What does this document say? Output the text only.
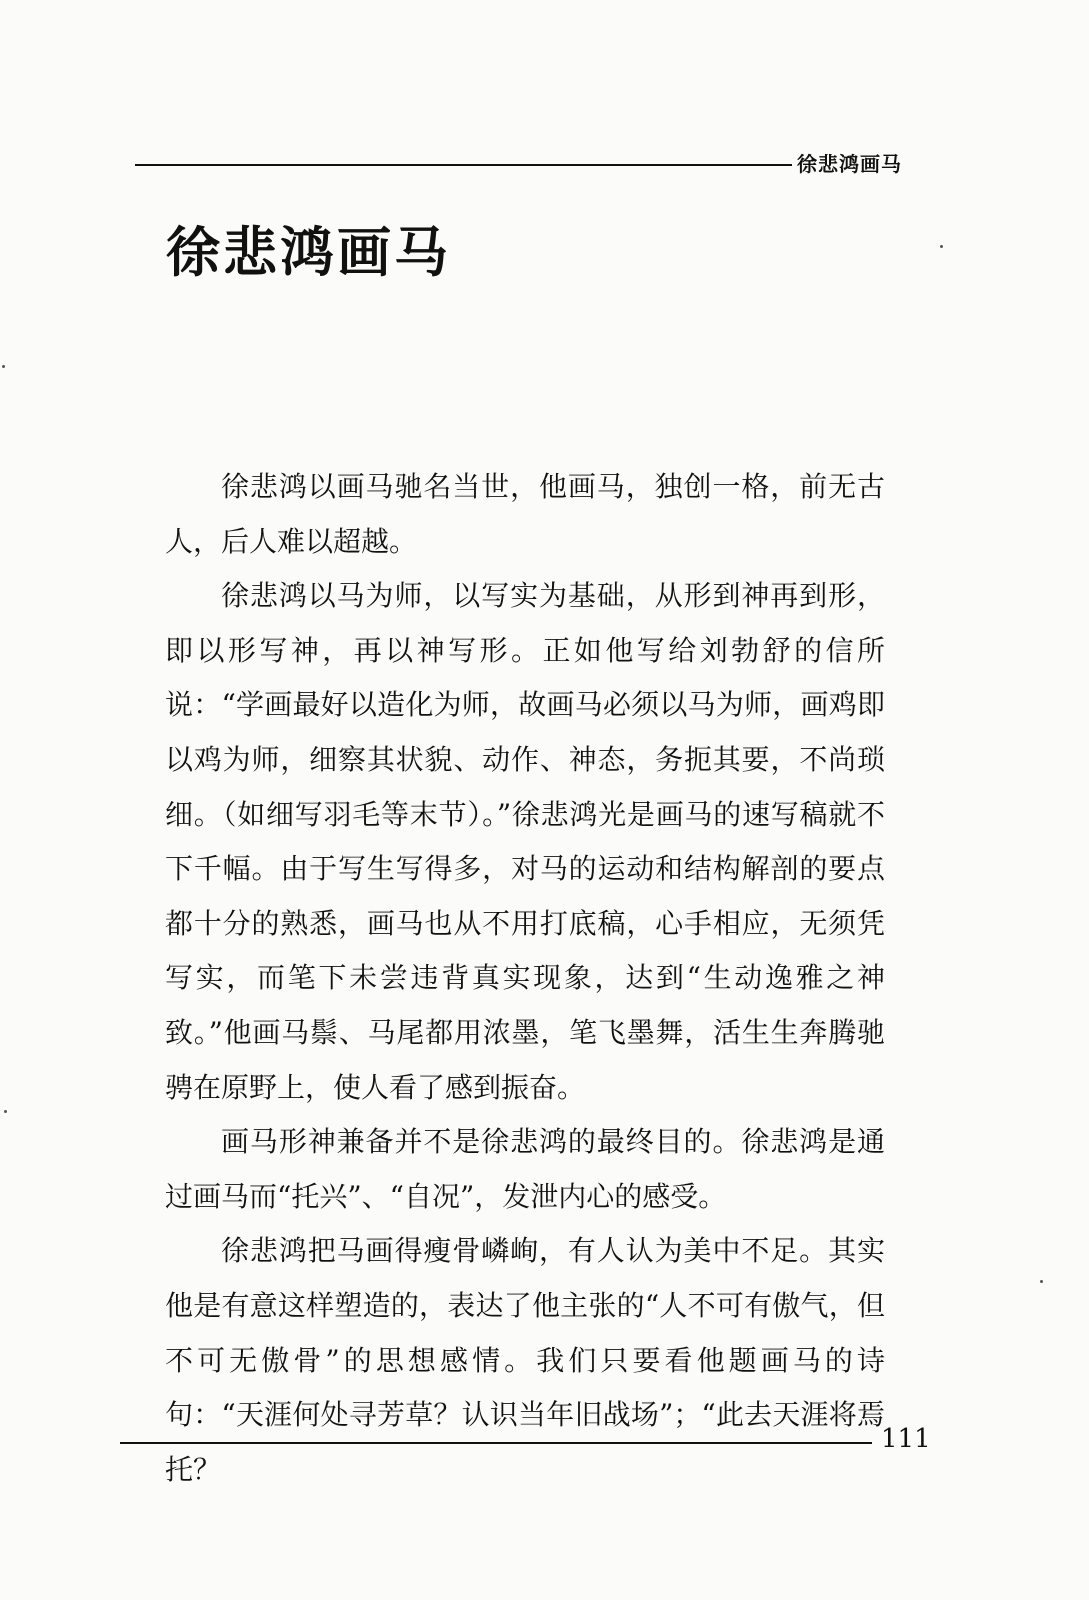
徐悲鸿画马
徐悲鸿画马

徐悲鸿以画马驰名当世，他画马，独创一格，前无古人，后人难以超越。

徐悲鸿以马为师，以写实为基础，从形到神再到形，即以形写神，再以神写形。正如他写给刘勃舒的信所说：“学画最好以造化为师，故画马必须以马为师，画鸡即以鸡为师，细察其状貌、动作、神态，务扼其要，不尚琐细。（如细写羽毛等末节）。”徐悲鸿光是画马的速写稿就不下千幅。由于写生写得多，对马的运动和结构解剖的要点都十分的熟悉，画马也从不用打底稿，心手相应，无须凭写实，而笔下未尝违背真实现象，达到“生动逸雅之神致。”他画马鬃、马尾都用浓墨，笔飞墨舞，活生生奔腾驰骋在原野上，使人看了感到振奋。

画马形神兼备并不是徐悲鸿的最终目的。徐悲鸿是通过画马而“托兴”、“自况”，发泄内心的感受。

徐悲鸿把马画得瘦骨嶙峋，有人认为美中不足。其实他是有意这样塑造的，表达了他主张的“人不可有傲气，但不可无傲骨”的思想感情。我们只要看他题画马的诗句：“天涯何处寻芳草？认识当年旧战场”；“此去天涯将焉托？

111
